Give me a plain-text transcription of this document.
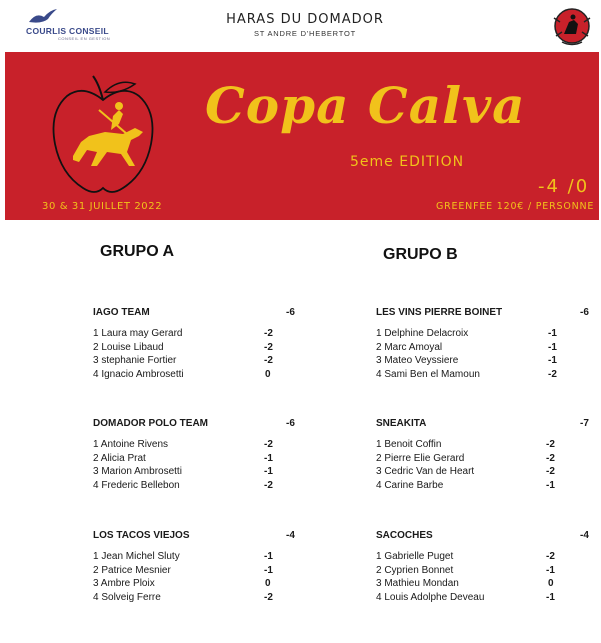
COURLIS CONSEIL
CONSEIL EN GESTION
HARAS DU DOMADOR
ST ANDRE D'HEBERTOT
Copa Calva
5eme EDITION
-4 /0
30 & 31 JUILLET 2022	GREENFEE 120€ / PERSONNE
GRUPO A	GRUPO B
IAGO TEAM	-6
1 Laura may Gerard	-2
2 Louise Libaud	-2
3 stephanie Fortier	-2
4 Ignacio Ambrosetti	0
DOMADOR POLO TEAM	-6
1 Antoine Rivens	-2
2 Alicia Prat	-1
3 Marion Ambrosetti	-1
4 Frederic Bellebon	-2
LOS TACOS VIEJOS	-4
1 Jean Michel Sluty	-1
2 Patrice Mesnier	-1
3 Ambre Ploix	0
4 Solveig Ferre	-2
LES VINS PIERRE BOINET	-6
1 Delphine Delacroix	-1
2 Marc Amoyal	-1
3 Mateo Veyssiere	-1
4 Sami Ben el Mamoun	-2
SNEAKITA	-7
1 Benoit Coffin	-2
2 Pierre Elie Gerard	-2
3 Cedric Van de Heart	-2
4 Carine Barbe	-1
SACOCHES	-4
1 Gabrielle Puget	-2
2 Cyprien Bonnet	-1
3 Mathieu Mondan	0
4 Louis Adolphe Deveau	-1
